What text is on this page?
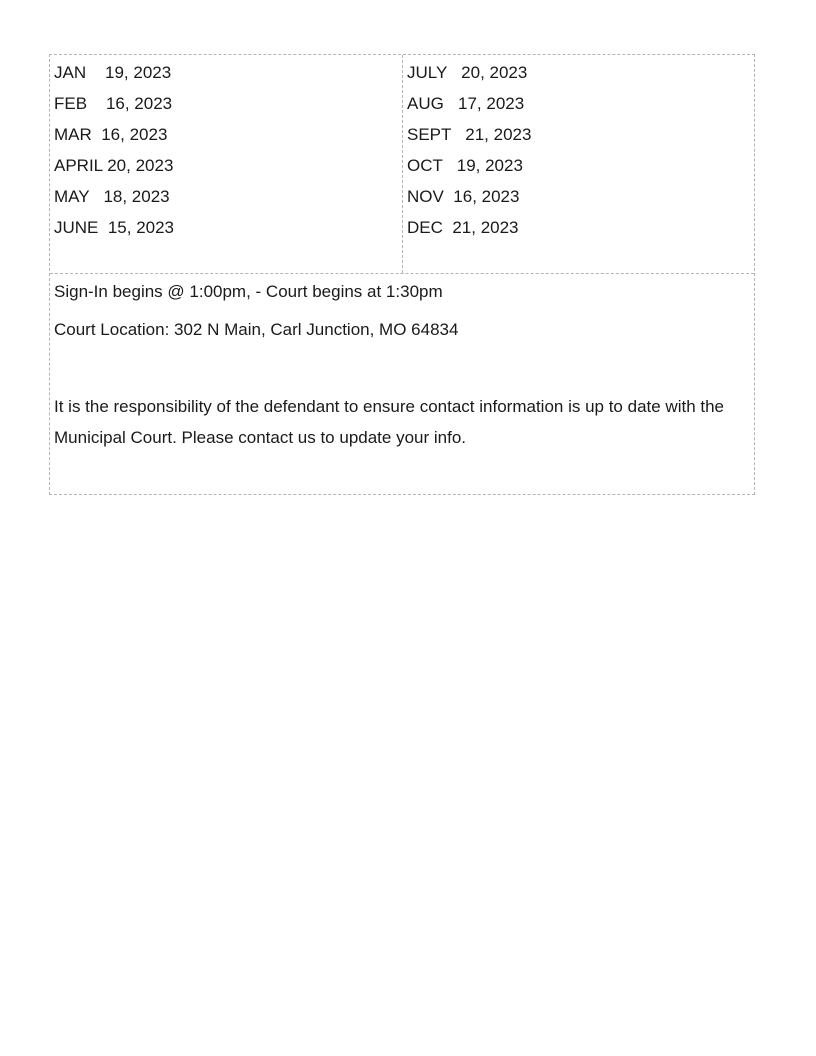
JAN    19, 2023
FEB    16, 2023
MAR  16, 2023
APRIL 20, 2023
MAY   18, 2023
JUNE  15, 2023
JULY   20, 2023
AUG   17, 2023
SEPT   21, 2023
OCT   19, 2023
NOV  16, 2023
DEC  21, 2023
Sign-In begins @ 1:00pm, - Court begins at 1:30pm
Court Location: 302 N Main, Carl Junction, MO 64834
It is the responsibility of the defendant to ensure contact information is up to date with the Municipal Court. Please contact us to update your info.
